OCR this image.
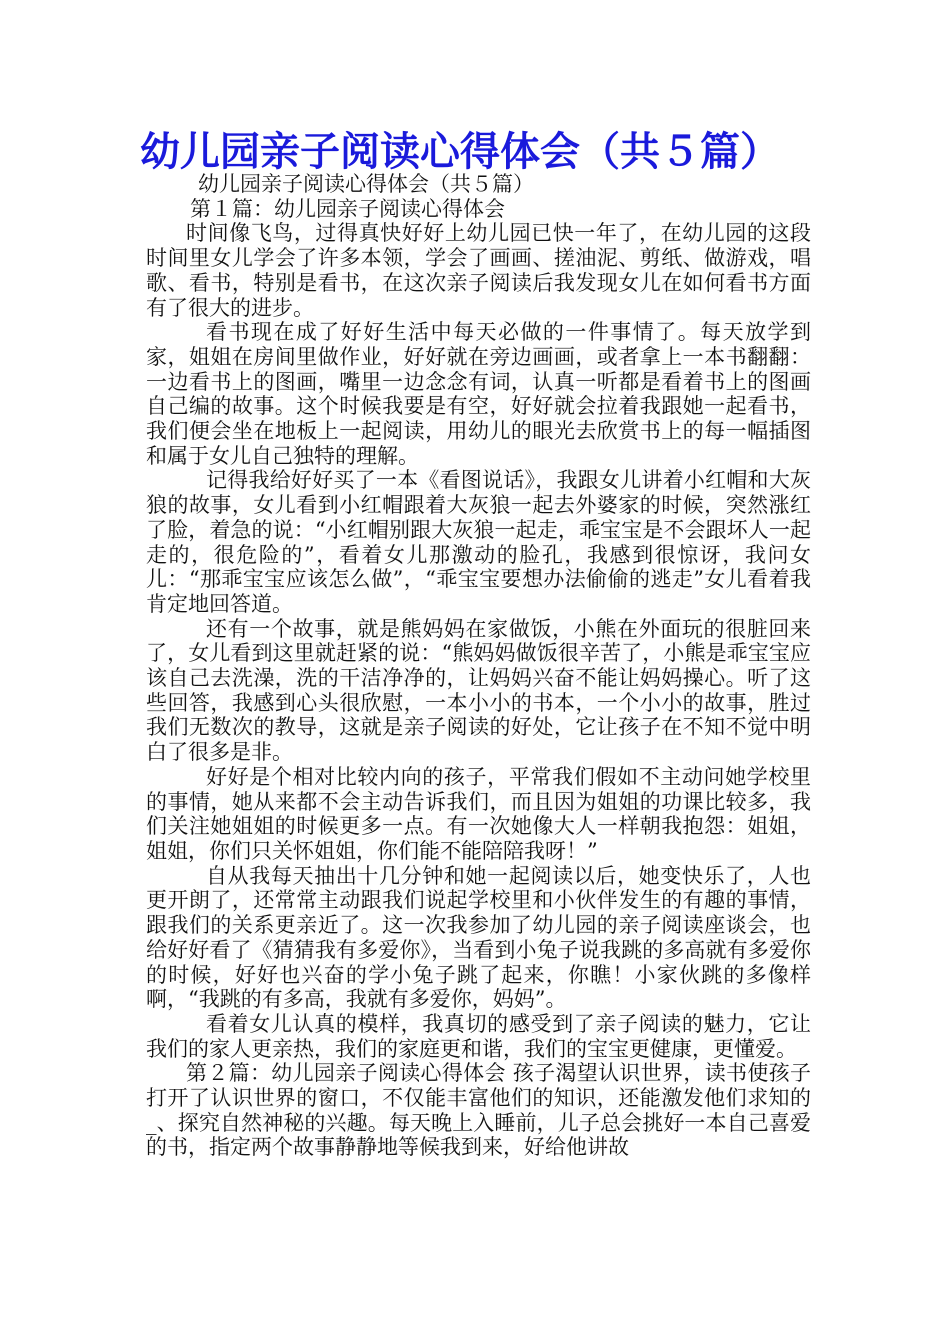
幼儿园亲子阅读心得体会（共５篇）

幼儿园亲子阅读心得体会（共５篇）

第１篇：幼儿园亲子阅读心得体会

时间像飞鸟，过得真快好好上幼儿园已快一年了，在幼儿园的这段时间里女儿学会了许多本领，学会了画画、搓油泥、剪纸、做游戏，唱歌、看书，特别是看书，在这次亲子阅读后我发现女儿在如何看书方面有了很大的进步。

看书现在成了好好生活中每天必做的一件事情了。每天放学到家，姐姐在房间里做作业，好好就在旁边画画，或者拿上一本书翻翻：一边看书上的图画，嘴里一边念念有词，认真一听都是看着书上的图画自己编的故事。这个时候我要是有空，好好就会拉着我跟她一起看书，我们便会坐在地板上一起阅读，用幼儿的眼光去欣赏书上的每一幅插图和属于女儿自己独特的理解。

记得我给好好买了一本《看图说话》，我跟女儿讲着小红帽和大灰狼的故事，女儿看到小红帽跟着大灰狼一起去外婆家的时候，突然涨红了脸，着急的说：“小红帽别跟大灰狼一起走，乖宝宝是不会跟坏人一起走的，很危险的”，看着女儿那激动的脸孔，我感到很惊讶，我问女儿：“那乖宝宝应该怎么做”，“乖宝宝要想办法偷偷的逃走”女儿看着我肯定地回答道。

还有一个故事，就是熊妈妈在家做饭，小熊在外面玩的很脏回来了，女儿看到这里就赶紧的说：“熊妈妈做饭很辛苦了，小熊是乖宝宝应该自己去洗澡，洗的干洁净净的，让妈妈兴奋不能让妈妈操心。听了这些回答，我感到心头很欣慰，一本小小的书本，一个小小的故事，胜过我们无数次的教导，这就是亲子阅读的好处，它让孩子在不知不觉中明白了很多是非。

好好是个相对比较内向的孩子，平常我们假如不主动问她学校里的事情，她从来都不会主动告诉我们，而且因为姐姐的功课比较多，我们关注她姐姐的时候更多一点。有一次她像大人一样朝我抱怨：姐姐，姐姐，你们只关怀姐姐，你们能不能陪陪我呀！”

自从我每天抽出十几分钟和她一起阅读以后，她变快乐了，人也更开朗了，还常常主动跟我们说起学校里和小伙伴发生的有趣的事情，跟我们的关系更亲近了。这一次我参加了幼儿园的亲子阅读座谈会，也给好好看了《猜猜我有多爱你》，当看到小兔子说我跳的多高就有多爱你的时候，好好也兴奋的学小兔子跳了起来，你瞧！小家伙跳的多像样啊，“我跳的有多高，我就有多爱你，妈妈”。

看着女儿认真的模样，我真切的感受到了亲子阅读的魅力，它让我们的家人更亲热，我们的家庭更和谐，我们的宝宝更健康，更懂爱。

第２篇：幼儿园亲子阅读心得体会 孩子渴望认识世界，读书使孩子打开了认识世界的窗口，不仅能丰富他们的知识，还能激发他们求知的_、探究自然神秘的兴趣。每天晚上入睡前，儿子总会挑好一本自己喜爱的书，指定两个故事静静地等候我到来，好给他讲故
